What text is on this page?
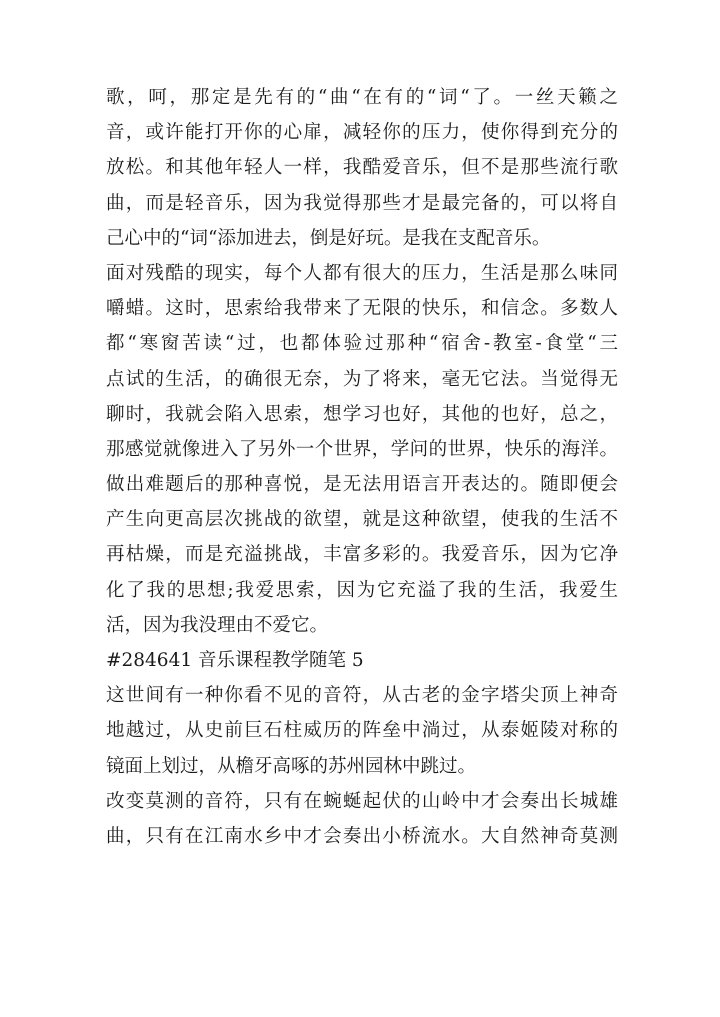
歌，呵，那定是先有的“曲“在有的“词“了。一丝天籁之
音，或许能打开你的心扉，减轻你的压力，使你得到充分的
放松。和其他年轻人一样，我酷爱音乐，但不是那些流行歌
曲，而是轻音乐，因为我觉得那些才是最完备的，可以将自
己心中的“词“添加进去，倒是好玩。是我在支配音乐。
面对残酷的现实，每个人都有很大的压力，生活是那么味同
嚼蜡。这时，思索给我带来了无限的快乐，和信念。多数人
都“寒窗苦读“过，也都体验过那种“宿舍-教室-食堂“三
点试的生活，的确很无奈，为了将来，毫无它法。当觉得无
聊时，我就会陷入思索，想学习也好，其他的也好，总之，
那感觉就像进入了另外一个世界，学问的世界，快乐的海洋。
做出难题后的那种喜悦，是无法用语言开表达的。随即便会
产生向更高层次挑战的欲望，就是这种欲望，使我的生活不
再枯燥，而是充溢挑战，丰富多彩的。我爱音乐，因为它净
化了我的思想;我爱思索，因为它充溢了我的生活，我爱生
活，因为我没理由不爱它。
#284641 音乐课程教学随笔 5
这世间有一种你看不见的音符，从古老的金字塔尖顶上神奇
地越过，从史前巨石柱威历的阵垒中淌过，从泰姬陵对称的
镜面上划过，从檐牙高啄的苏州园林中跳过。
改变莫测的音符，只有在蜿蜒起伏的山岭中才会奏出长城雄
曲，只有在江南水乡中才会奏出小桥流水。大自然神奇莫测
